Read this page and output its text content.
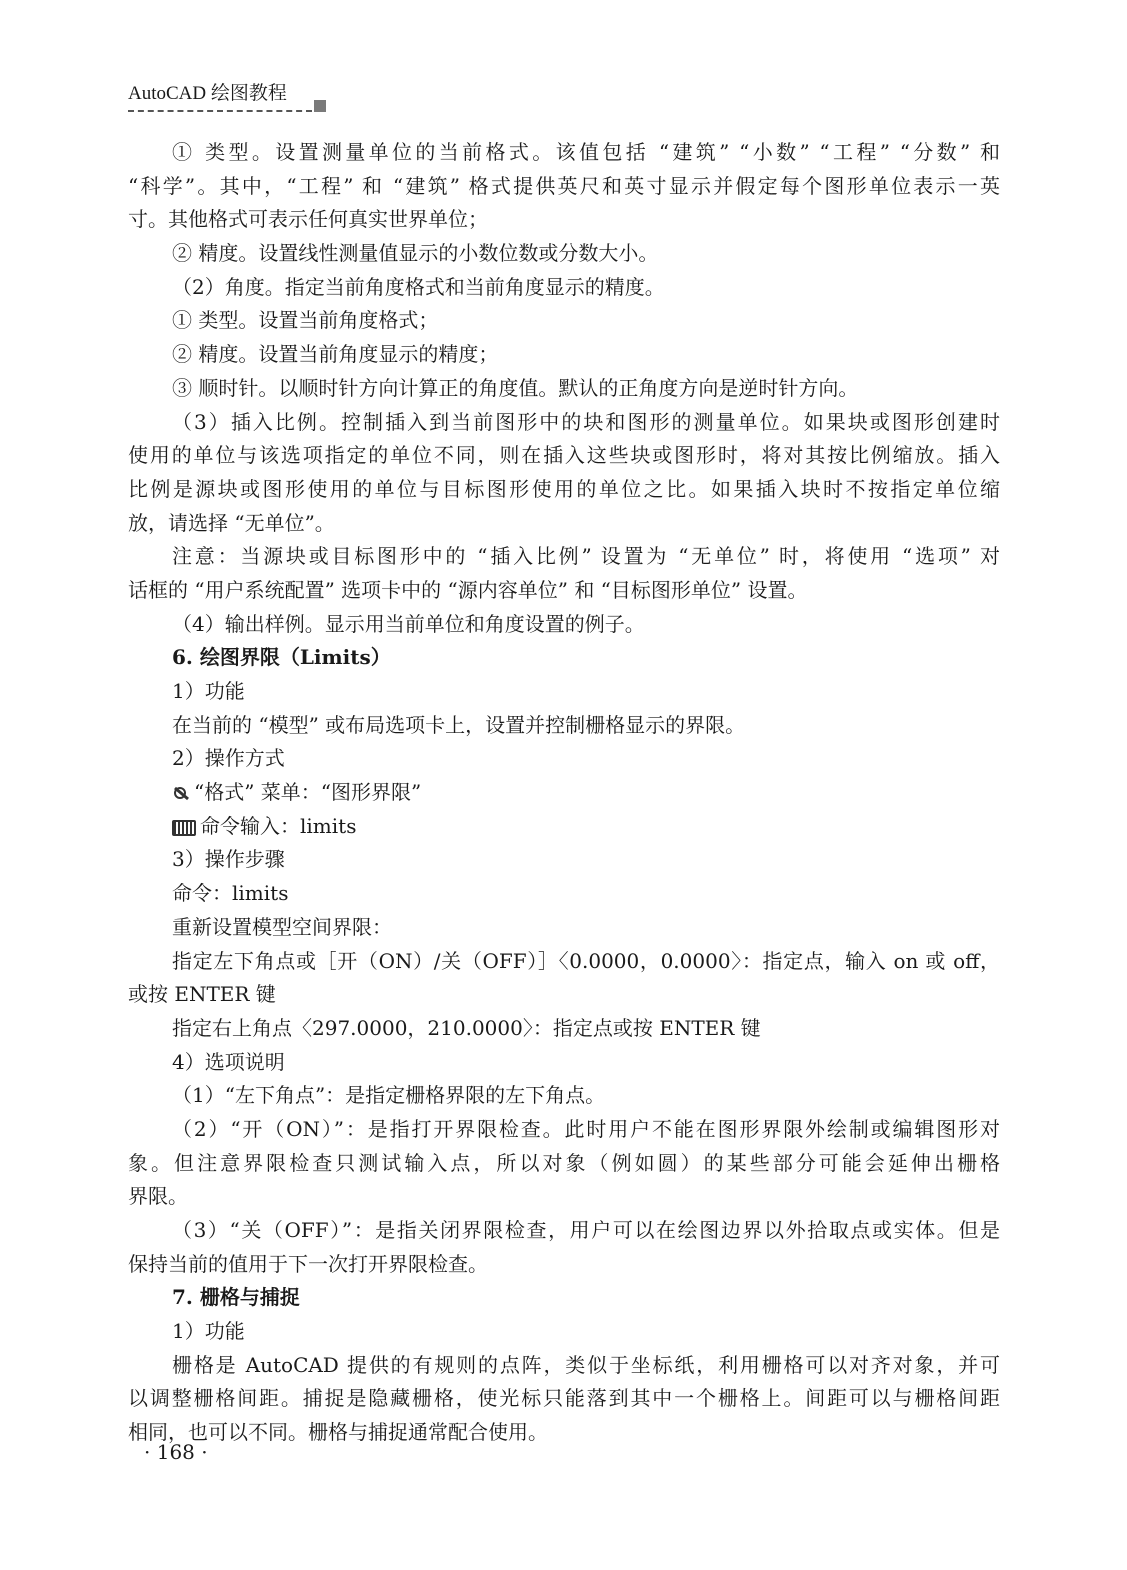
AutoCAD 绘图教程
① 类型。设置测量单位的当前格式。该值包括 “建筑” “小数” “工程” “分数” 和
“科学”。其中，“工程” 和 “建筑” 格式提供英尺和英寸显示并假定每个图形单位表示一英
寸。其他格式可表示任何真实世界单位；
② 精度。设置线性测量值显示的小数位数或分数大小。
（2）角度。指定当前角度格式和当前角度显示的精度。
① 类型。设置当前角度格式；
② 精度。设置当前角度显示的精度；
③ 顺时针。以顺时针方向计算正的角度值。默认的正角度方向是逆时针方向。
（3）插入比例。控制插入到当前图形中的块和图形的测量单位。如果块或图形创建时
使用的单位与该选项指定的单位不同，则在插入这些块或图形时，将对其按比例缩放。插入
比例是源块或图形使用的单位与目标图形使用的单位之比。如果插入块时不按指定单位缩
放，请选择 “无单位”。
注意：当源块或目标图形中的 “插入比例” 设置为 “无单位” 时，将使用 “选项” 对
话框的 “用户系统配置” 选项卡中的 “源内容单位” 和 “目标图形单位” 设置。
（4）输出样例。显示用当前单位和角度设置的例子。
6. 绘图界限（Limits）
1）功能
在当前的 “模型” 或布局选项卡上，设置并控制栅格显示的界限。
2）操作方式
“格式” 菜单：“图形界限”
命令输入：limits
3）操作步骤
命令：limits
重新设置模型空间界限：
指定左下角点或［开（ON）/关（OFF）］〈0.0000，0.0000〉：指定点，输入 on 或 off，
或按 ENTER 键
指定右上角点〈297.0000，210.0000〉：指定点或按 ENTER 键
4）选项说明
（1）“左下角点”：是指定栅格界限的左下角点。
（2）“开（ON）”：是指打开界限检查。此时用户不能在图形界限外绘制或编辑图形对
象。但注意界限检查只测试输入点，所以对象（例如圆）的某些部分可能会延伸出栅格
界限。
（3）“关（OFF）”：是指关闭界限检查，用户可以在绘图边界以外拾取点或实体。但是
保持当前的值用于下一次打开界限检查。
7. 栅格与捕捉
1）功能
栅格是 AutoCAD 提供的有规则的点阵，类似于坐标纸，利用栅格可以对齐对象，并可
以调整栅格间距。捕捉是隐藏栅格，使光标只能落到其中一个栅格上。间距可以与栅格间距
相同，也可以不同。栅格与捕捉通常配合使用。
· 168 ·
